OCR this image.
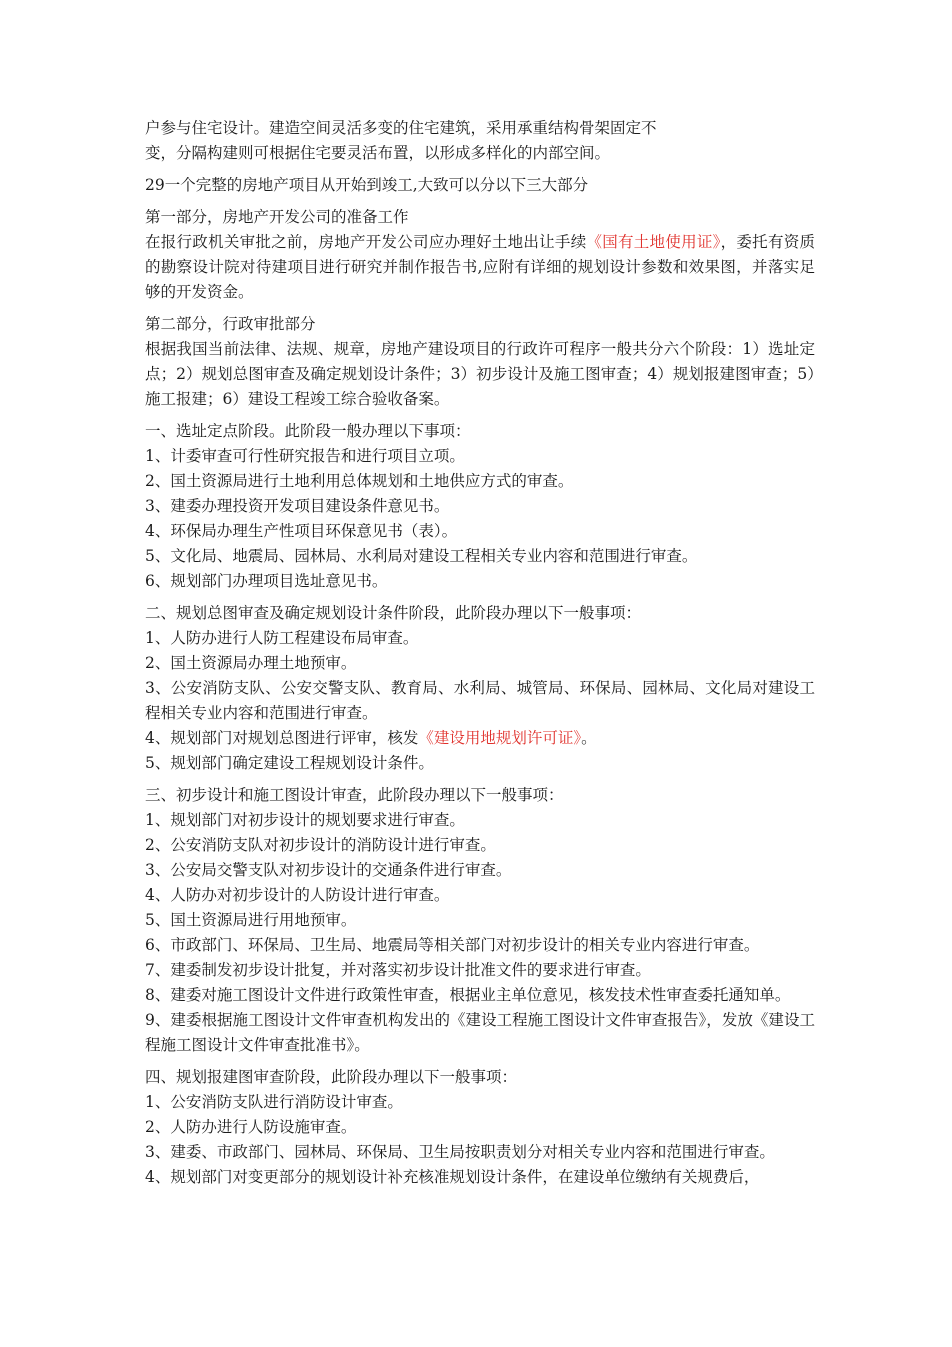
户参与住宅设计。建造空间灵活多变的住宅建筑，采用承重结构骨架固定不
变，分隔构建则可根据住宅要灵活布置，以形成多样化的内部空间。
29一个完整的房地产项目从开始到竣工,大致可以分以下三大部分
第一部分，房地产开发公司的准备工作
在报行政机关审批之前，房地产开发公司应办理好土地出让手续《国有土地使用证》，委托有资质的勘察设计院对待建项目进行研究并制作报告书,应附有详细的规划设计参数和效果图，并落实足够的开发资金。
第二部分，行政审批部分
根据我国当前法律、法规、规章，房地产建设项目的行政许可程序一般共分六个阶段：1）选址定点；2）规划总图审查及确定规划设计条件；3）初步设计及施工图审查；4）规划报建图审查；5）施工报建；6）建设工程竣工综合验收备案。
一、选址定点阶段。此阶段一般办理以下事项：
1、计委审查可行性研究报告和进行项目立项。
2、国土资源局进行土地利用总体规划和土地供应方式的审查。
3、建委办理投资开发项目建设条件意见书。
4、环保局办理生产性项目环保意见书（表）。
5、文化局、地震局、园林局、水利局对建设工程相关专业内容和范围进行审查。
6、规划部门办理项目选址意见书。
二、规划总图审查及确定规划设计条件阶段，此阶段办理以下一般事项：
1、人防办进行人防工程建设布局审查。
2、国土资源局办理土地预审。
3、公安消防支队、公安交警支队、教育局、水利局、城管局、环保局、园林局、文化局对建设工程相关专业内容和范围进行审查。
4、规划部门对规划总图进行评审，核发《建设用地规划许可证》。
5、规划部门确定建设工程规划设计条件。
三、初步设计和施工图设计审查，此阶段办理以下一般事项：
1、规划部门对初步设计的规划要求进行审查。
2、公安消防支队对初步设计的消防设计进行审查。
3、公安局交警支队对初步设计的交通条件进行审查。
4、人防办对初步设计的人防设计进行审查。
5、国土资源局进行用地预审。
6、市政部门、环保局、卫生局、地震局等相关部门对初步设计的相关专业内容进行审查。
7、建委制发初步设计批复，并对落实初步设计批准文件的要求进行审查。
8、建委对施工图设计文件进行政策性审查，根据业主单位意见，核发技术性审查委托通知单。
9、建委根据施工图设计文件审查机构发出的《建设工程施工图设计文件审查报告》，发放《建设工程施工图设计文件审查批准书》。
四、规划报建图审查阶段，此阶段办理以下一般事项：
1、公安消防支队进行消防设计审查。
2、人防办进行人防设施审查。
3、建委、市政部门、园林局、环保局、卫生局按职责划分对相关专业内容和范围进行审查。
4、规划部门对变更部分的规划设计补充核准规划设计条件，在建设单位缴纳有关规费后，
